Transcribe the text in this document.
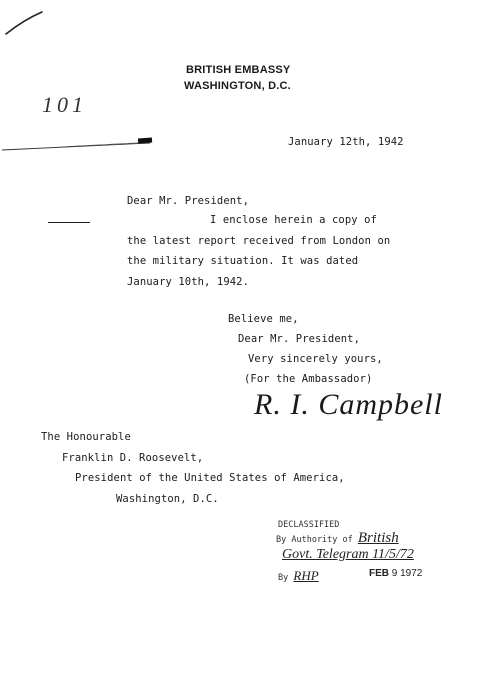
BRITISH EMBASSY
WASHINGTON, D.C.
101
January 12th, 1942
Dear Mr. President,
I enclose herein a copy of
the latest report received from London on
the military situation. It was dated
January 10th, 1942.
Believe me,
Dear Mr. President,
Very sincerely yours,
(For the Ambassador)
R. I. Campbell
The Honourable
Franklin D. Roosevelt,
President of the United States of America,
Washington, D.C.
DECLASSIFIED
By Authority of British
Govt. Telegram 11/5/72
By RHP	FEB 9 1972
